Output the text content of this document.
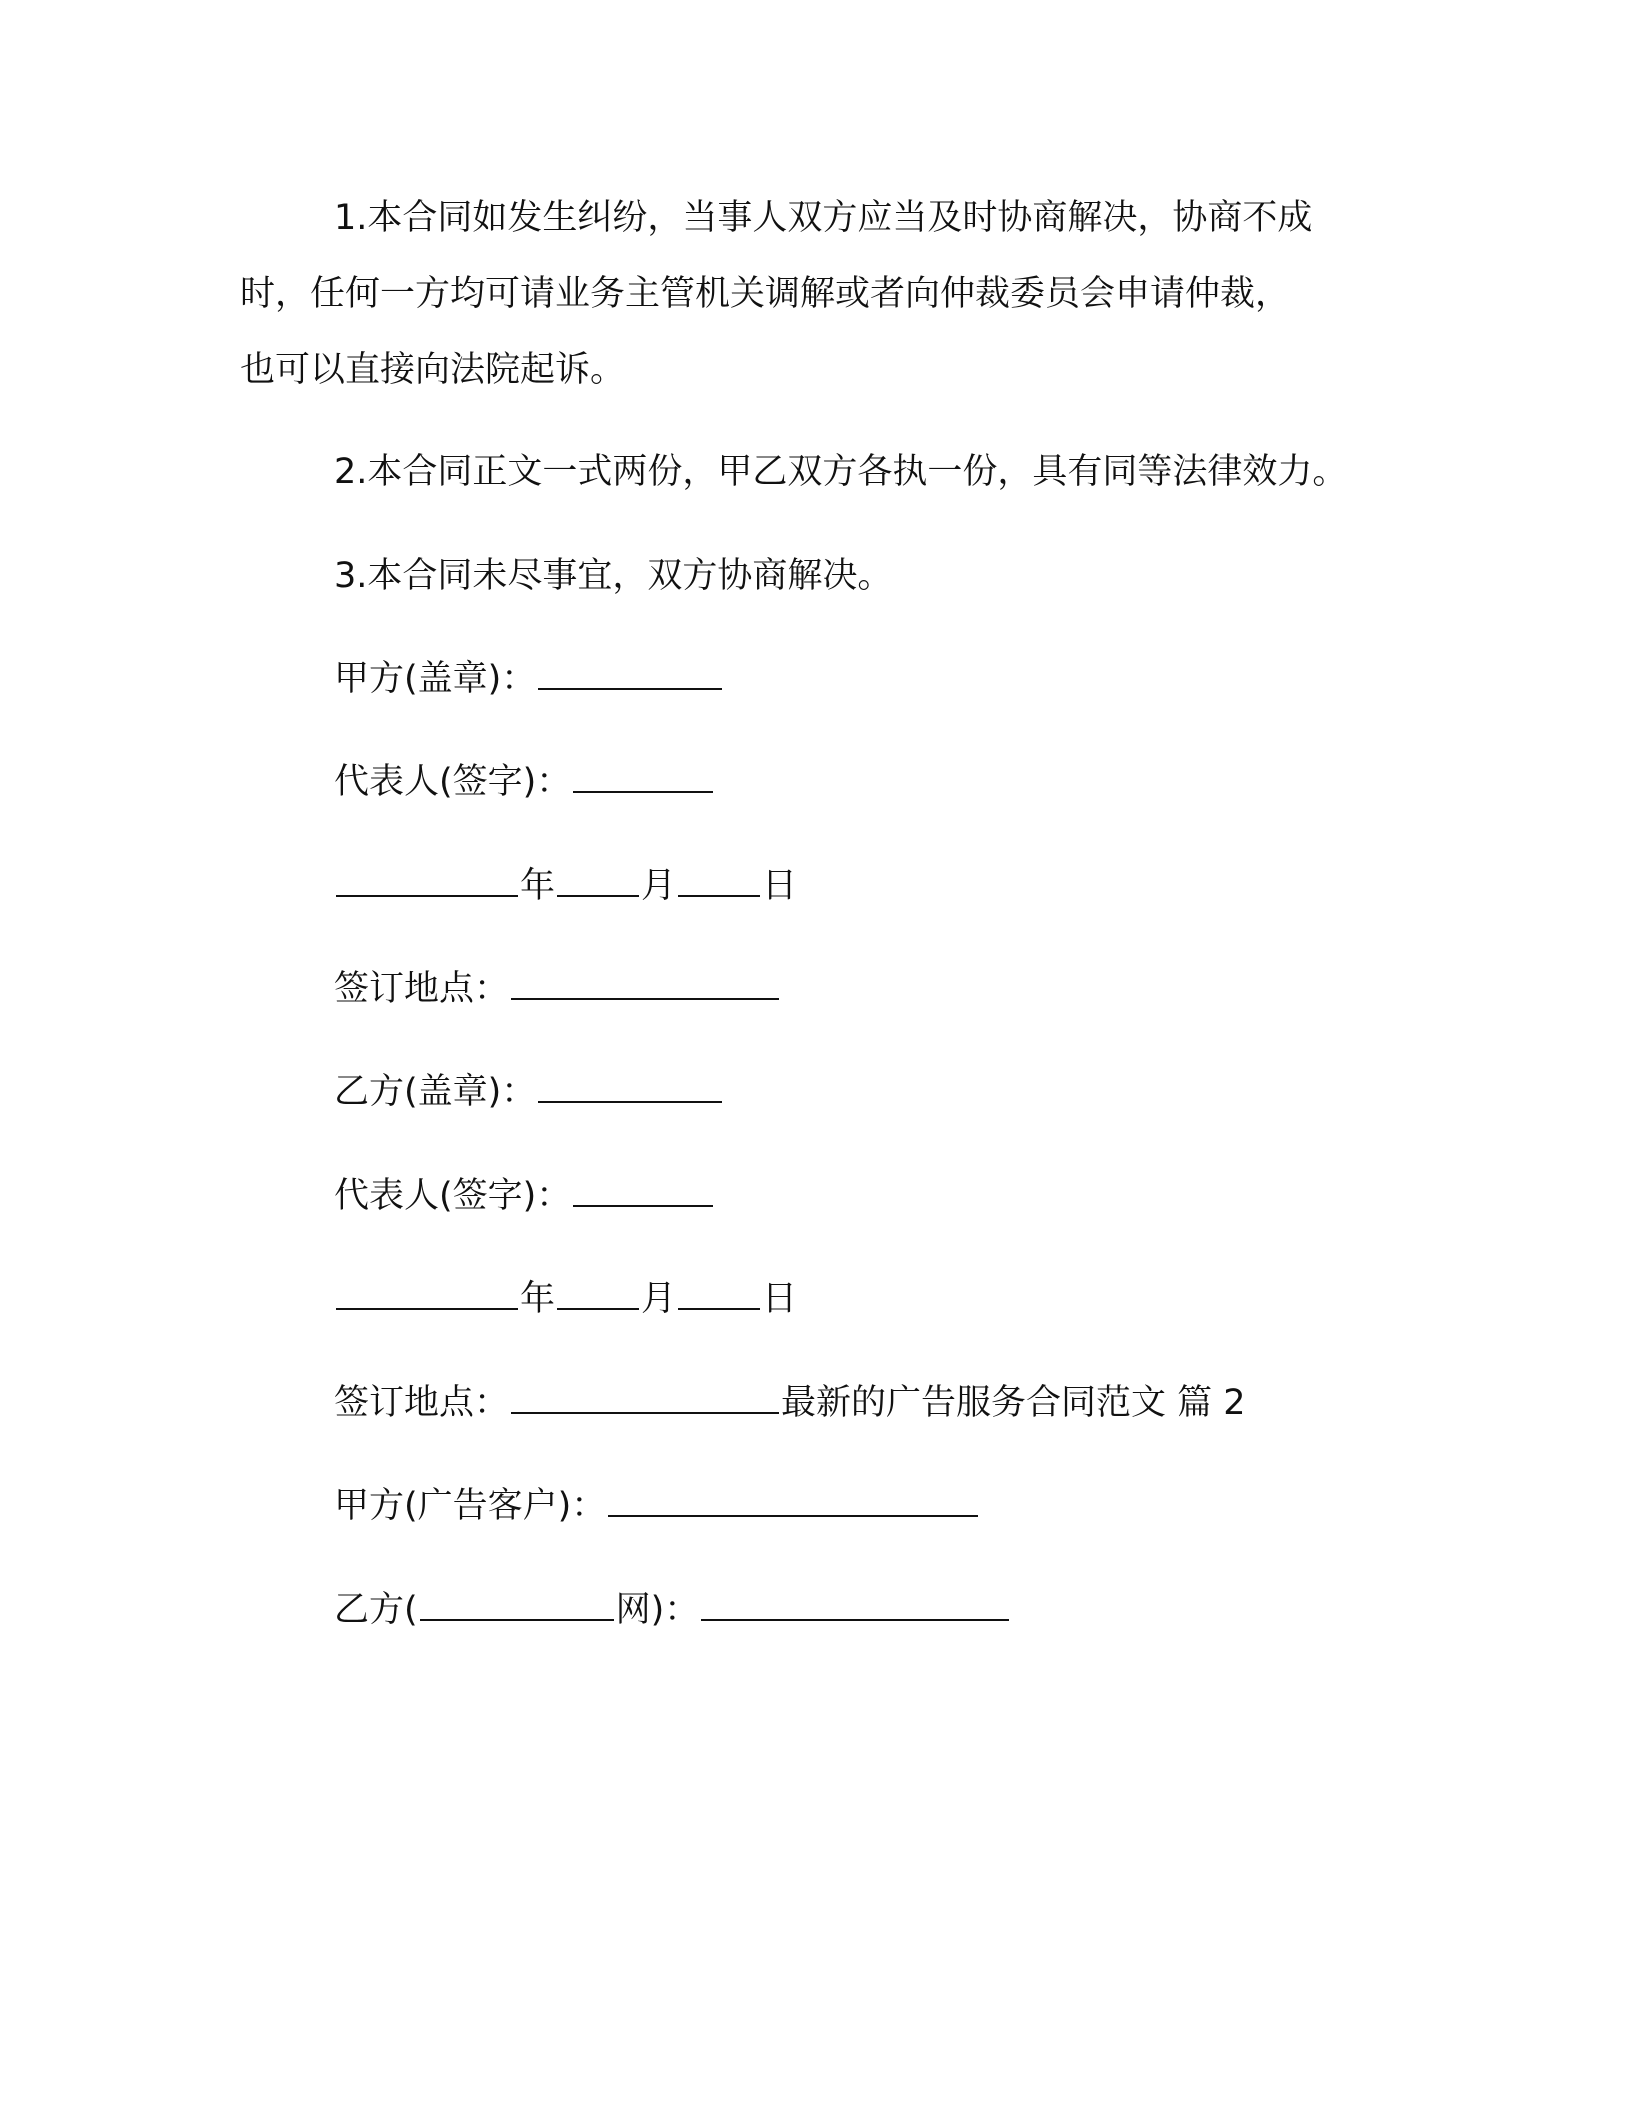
1.本合同如发生纠纷，当事人双方应当及时协商解决，协商不成
时，任何一方均可请业务主管机关调解或者向仲裁委员会申请仲裁，
也可以直接向法院起诉。
2.本合同正文一式两份，甲乙双方各执一份，具有同等法律效力。
3.本合同未尽事宜，双方协商解决。
甲方(盖章)：
代表人(签字)：
年 月 日
签订地点：
乙方(盖章)：
代表人(签字)：
年 月 日
签订地点：	最新的广告服务合同范文 篇 2
甲方(广告客户)：
乙方(	网)：
